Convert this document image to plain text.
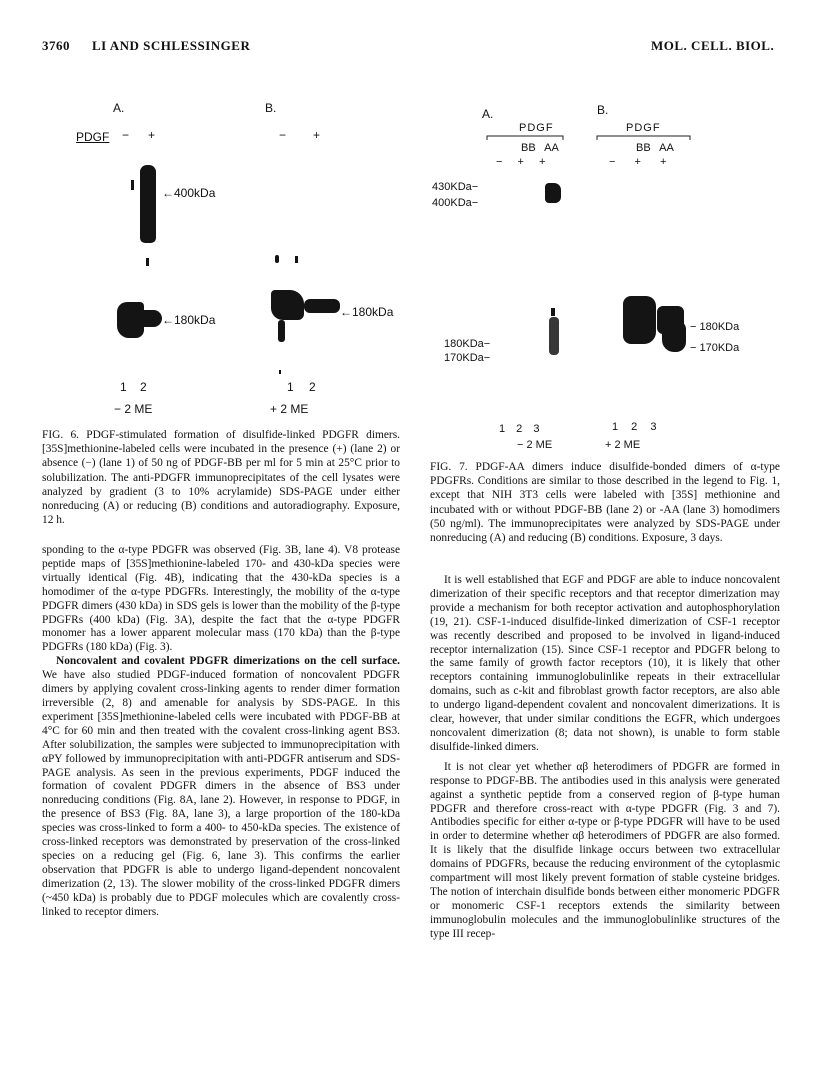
3760 LI AND SCHLESSINGER	MOL. CELL. BIOL.
A.	B.
PDGF − +	− +
←400kDa
←180kDa
←180kDa
1 2	1 2
− 2 ME	+ 2 ME
FIG. 6. PDGF-stimulated formation of disulfide-linked PDGFR dimers. [35S]methionine-labeled cells were incubated in the presence (+) (lane 2) or absence (−) (lane 1) of 50 ng of PDGF-BB per ml for 5 min at 25°C prior to solubilization. The anti-PDGFR immunoprecipitates of the cell lysates were analyzed by gradient (3 to 10% acrylamide) SDS-PAGE under either nonreducing (A) or reducing (B) conditions and autoradiography. Exposure, 12 h.
A.	B.
PDGF	PDGF
BB AA	BB AA
− + +	− + +
430KDa−
400KDa−
180KDa−
170KDa−
− 180KDa
− 170KDa
1 2 3	1 2 3
− 2 ME	+ 2 ME
FIG. 7. PDGF-AA dimers induce disulfide-bonded dimers of α-type PDGFRs. Conditions are similar to those described in the legend to Fig. 1, except that NIH 3T3 cells were labeled with [35S] methionine and incubated with or without PDGF-BB (lane 2) or -AA (lane 3) homodimers (50 ng/ml). The immunoprecipitates were analyzed by SDS-PAGE under nonreducing (A) and reducing (B) conditions. Exposure, 3 days.

sponding to the α-type PDGFR was observed (Fig. 3B, lane 4). V8 protease peptide maps of [35S]methionine-labeled 170- and 430-kDa species were virtually identical (Fig. 4B), indicating that the 430-kDa species is a homodimer of the α-type PDGFRs. Interestingly, the mobility of the α-type PDGFR dimers (430 kDa) in SDS gels is lower than the mobility of the β-type PDGFRs (400 kDa) (Fig. 3A), despite the fact that the α-type PDGFR monomer has a lower apparent molecular mass (170 kDa) than the β-type PDGFRs (180 kDa) (Fig. 3).

Noncovalent and covalent PDGFR dimerizations on the cell surface. We have also studied PDGF-induced formation of noncovalent PDGFR dimers by applying covalent cross-linking agents to render dimer formation irreversible (2, 8) and amenable for analysis by SDS-PAGE. In this experiment [35S]methionine-labeled cells were incubated with PDGF-BB at 4°C for 60 min and then treated with the covalent cross-linking agent BS3. After solubilization, the samples were subjected to immunoprecipitation with αPY followed by immunoprecipitation with anti-PDGFR antiserum and SDS-PAGE analysis. As seen in the previous experiments, PDGF induced the formation of covalent PDGFR dimers in the absence of BS3 under nonreducing conditions (Fig. 8A, lane 2). However, in response to PDGF, in the presence of BS3 (Fig. 8A, lane 3), a large proportion of the 180-kDa species was cross-linked to form a 400- to 450-kDa species. The existence of cross-linked receptors was demonstrated by preservation of the cross-linked species on a reducing gel (Fig. 6, lane 3). This confirms the earlier observation that PDGFR is able to undergo ligand-dependent noncovalent dimerization (2, 13). The slower mobility of the cross-linked PDGFR dimers (~450 kDa) is probably due to PDGF molecules which are covalently cross-linked to receptor dimers.

It is well established that EGF and PDGF are able to induce noncovalent dimerization of their specific receptors and that receptor dimerization may provide a mechanism for both receptor activation and autophosphorylation (19, 21). CSF-1-induced disulfide-linked dimerization of CSF-1 receptor was recently described and proposed to be involved in ligand-induced receptor internalization (15). Since CSF-1 receptor and PDGFR belong to the same family of growth factor receptors (10), it is likely that other receptors containing immunoglobulinlike repeats in their extracellular domains, such as c-kit and fibroblast growth factor receptors, are also able to undergo ligand-dependent covalent and noncovalent dimerizations. It is clear, however, that under similar conditions the EGFR, which undergoes noncovalent dimerization (8; data not shown), is unable to form stable disulfide-linked dimers.

It is not clear yet whether αβ heterodimers of PDGFR are formed in response to PDGF-BB. The antibodies used in this analysis were generated against a synthetic peptide from a conserved region of β-type human PDGFR and therefore cross-react with α-type PDGFR (Fig. 3 and 7). Antibodies specific for either α-type or β-type PDGFR will have to be used in order to determine whether αβ heterodimers of PDGFR are also formed. It is likely that the disulfide linkage occurs between two extracellular domains of PDGFRs, because the reducing environment of the cytoplasmic compartment will most likely prevent formation of stable cysteine bridges. The notion of interchain disulfide bonds between either monomeric PDGFR or monomeric CSF-1 receptors extends the similarity between immunoglobulin molecules and the immunoglobulinlike structures of the type III recep-
